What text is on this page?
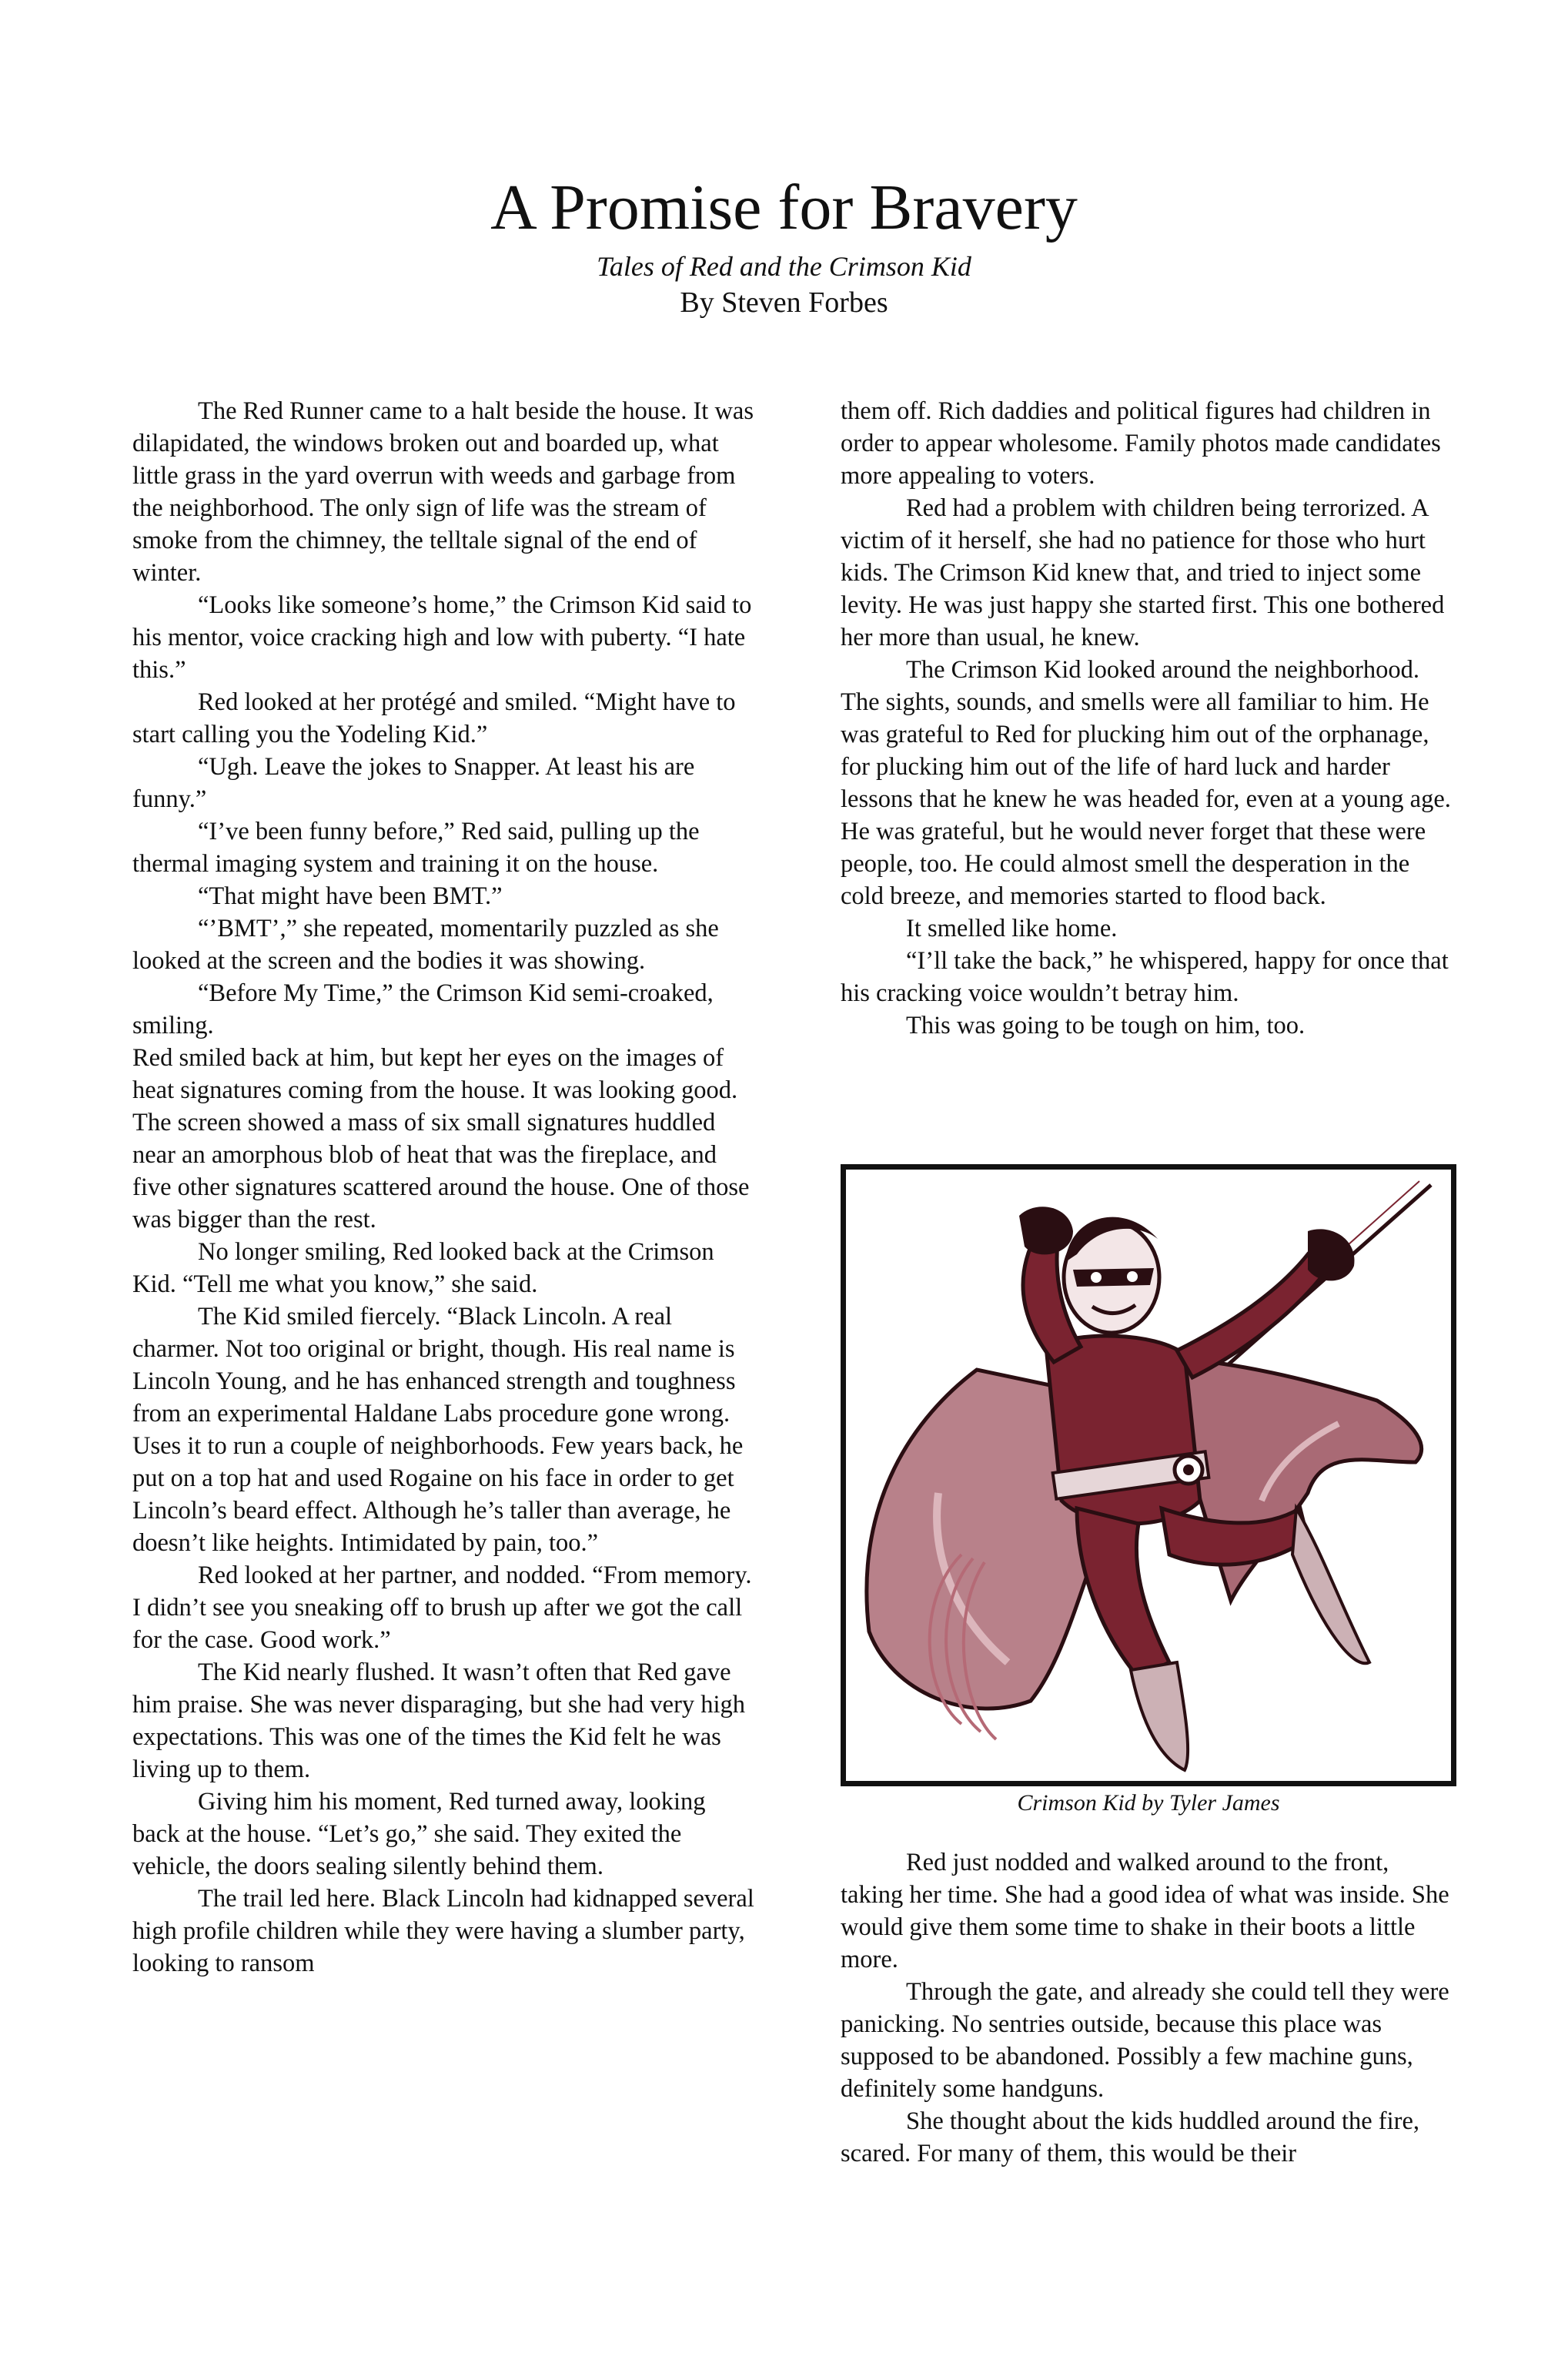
A Promise for Bravery
Tales of Red and the Crimson Kid
By Steven Forbes

The Red Runner came to a halt beside the house. It was dilapidated, the windows broken out and boarded up, what little grass in the yard overrun with weeds and garbage from the neighborhood. The only sign of life was the stream of smoke from the chimney, the telltale signal of the end of winter.

“Looks like someone’s home,” the Crimson Kid said to his mentor, voice cracking high and low with puberty. “I hate this.”

Red looked at her protégé and smiled. “Might have to start calling you the Yodeling Kid.”

“Ugh. Leave the jokes to Snapper. At least his are funny.”

“I’ve been funny before,” Red said, pulling up the thermal imaging system and training it on the house.

“That might have been BMT.”

“’BMT’,” she repeated, momentarily puzzled as she looked at the screen and the bodies it was showing.

“Before My Time,” the Crimson Kid semi-croaked, smiling.

Red smiled back at him, but kept her eyes on the images of heat signatures coming from the house. It was looking good. The screen showed a mass of six small signatures huddled near an amorphous blob of heat that was the fireplace, and five other signatures scattered around the house. One of those was bigger than the rest.

No longer smiling, Red looked back at the Crimson Kid. “Tell me what you know,” she said.

The Kid smiled fiercely. “Black Lincoln. A real charmer. Not too original or bright, though. His real name is Lincoln Young, and he has enhanced strength and toughness from an experimental Haldane Labs procedure gone wrong. Uses it to run a couple of neighborhoods. Few years back, he put on a top hat and used Rogaine on his face in order to get Lincoln’s beard effect. Although he’s taller than average, he doesn’t like heights. Intimidated by pain, too.”

Red looked at her partner, and nodded. “From memory. I didn’t see you sneaking off to brush up after we got the call for the case. Good work.”

The Kid nearly flushed. It wasn’t often that Red gave him praise. She was never disparaging, but she had very high expectations. This was one of the times the Kid felt he was living up to them.

Giving him his moment, Red turned away, looking back at the house. “Let’s go,” she said. They exited the vehicle, the doors sealing silently behind them.

The trail led here. Black Lincoln had kidnapped several high profile children while they were having a slumber party, looking to ransom

them off. Rich daddies and political figures had children in order to appear wholesome. Family photos made candidates more appealing to voters.

Red had a problem with children being terrorized. A victim of it herself, she had no patience for those who hurt kids. The Crimson Kid knew that, and tried to inject some levity. He was just happy she started first. This one bothered her more than usual, he knew.

The Crimson Kid looked around the neighborhood. The sights, sounds, and smells were all familiar to him. He was grateful to Red for plucking him out of the orphanage, for plucking him out of the life of hard luck and harder lessons that he knew he was headed for, even at a young age. He was grateful, but he would never forget that these were people, too. He could almost smell the desperation in the cold breeze, and memories started to flood back.

It smelled like home.

“I’ll take the back,” he whispered, happy for once that his cracking voice wouldn’t betray him.

This was going to be tough on him, too.

Crimson Kid by Tyler James

Red just nodded and walked around to the front, taking her time. She had a good idea of what was inside. She would give them some time to shake in their boots a little more.

Through the gate, and already she could tell they were panicking. No sentries outside, because this place was supposed to be abandoned. Possibly a few machine guns, definitely some handguns.

She thought about the kids huddled around the fire, scared. For many of them, this would be their
